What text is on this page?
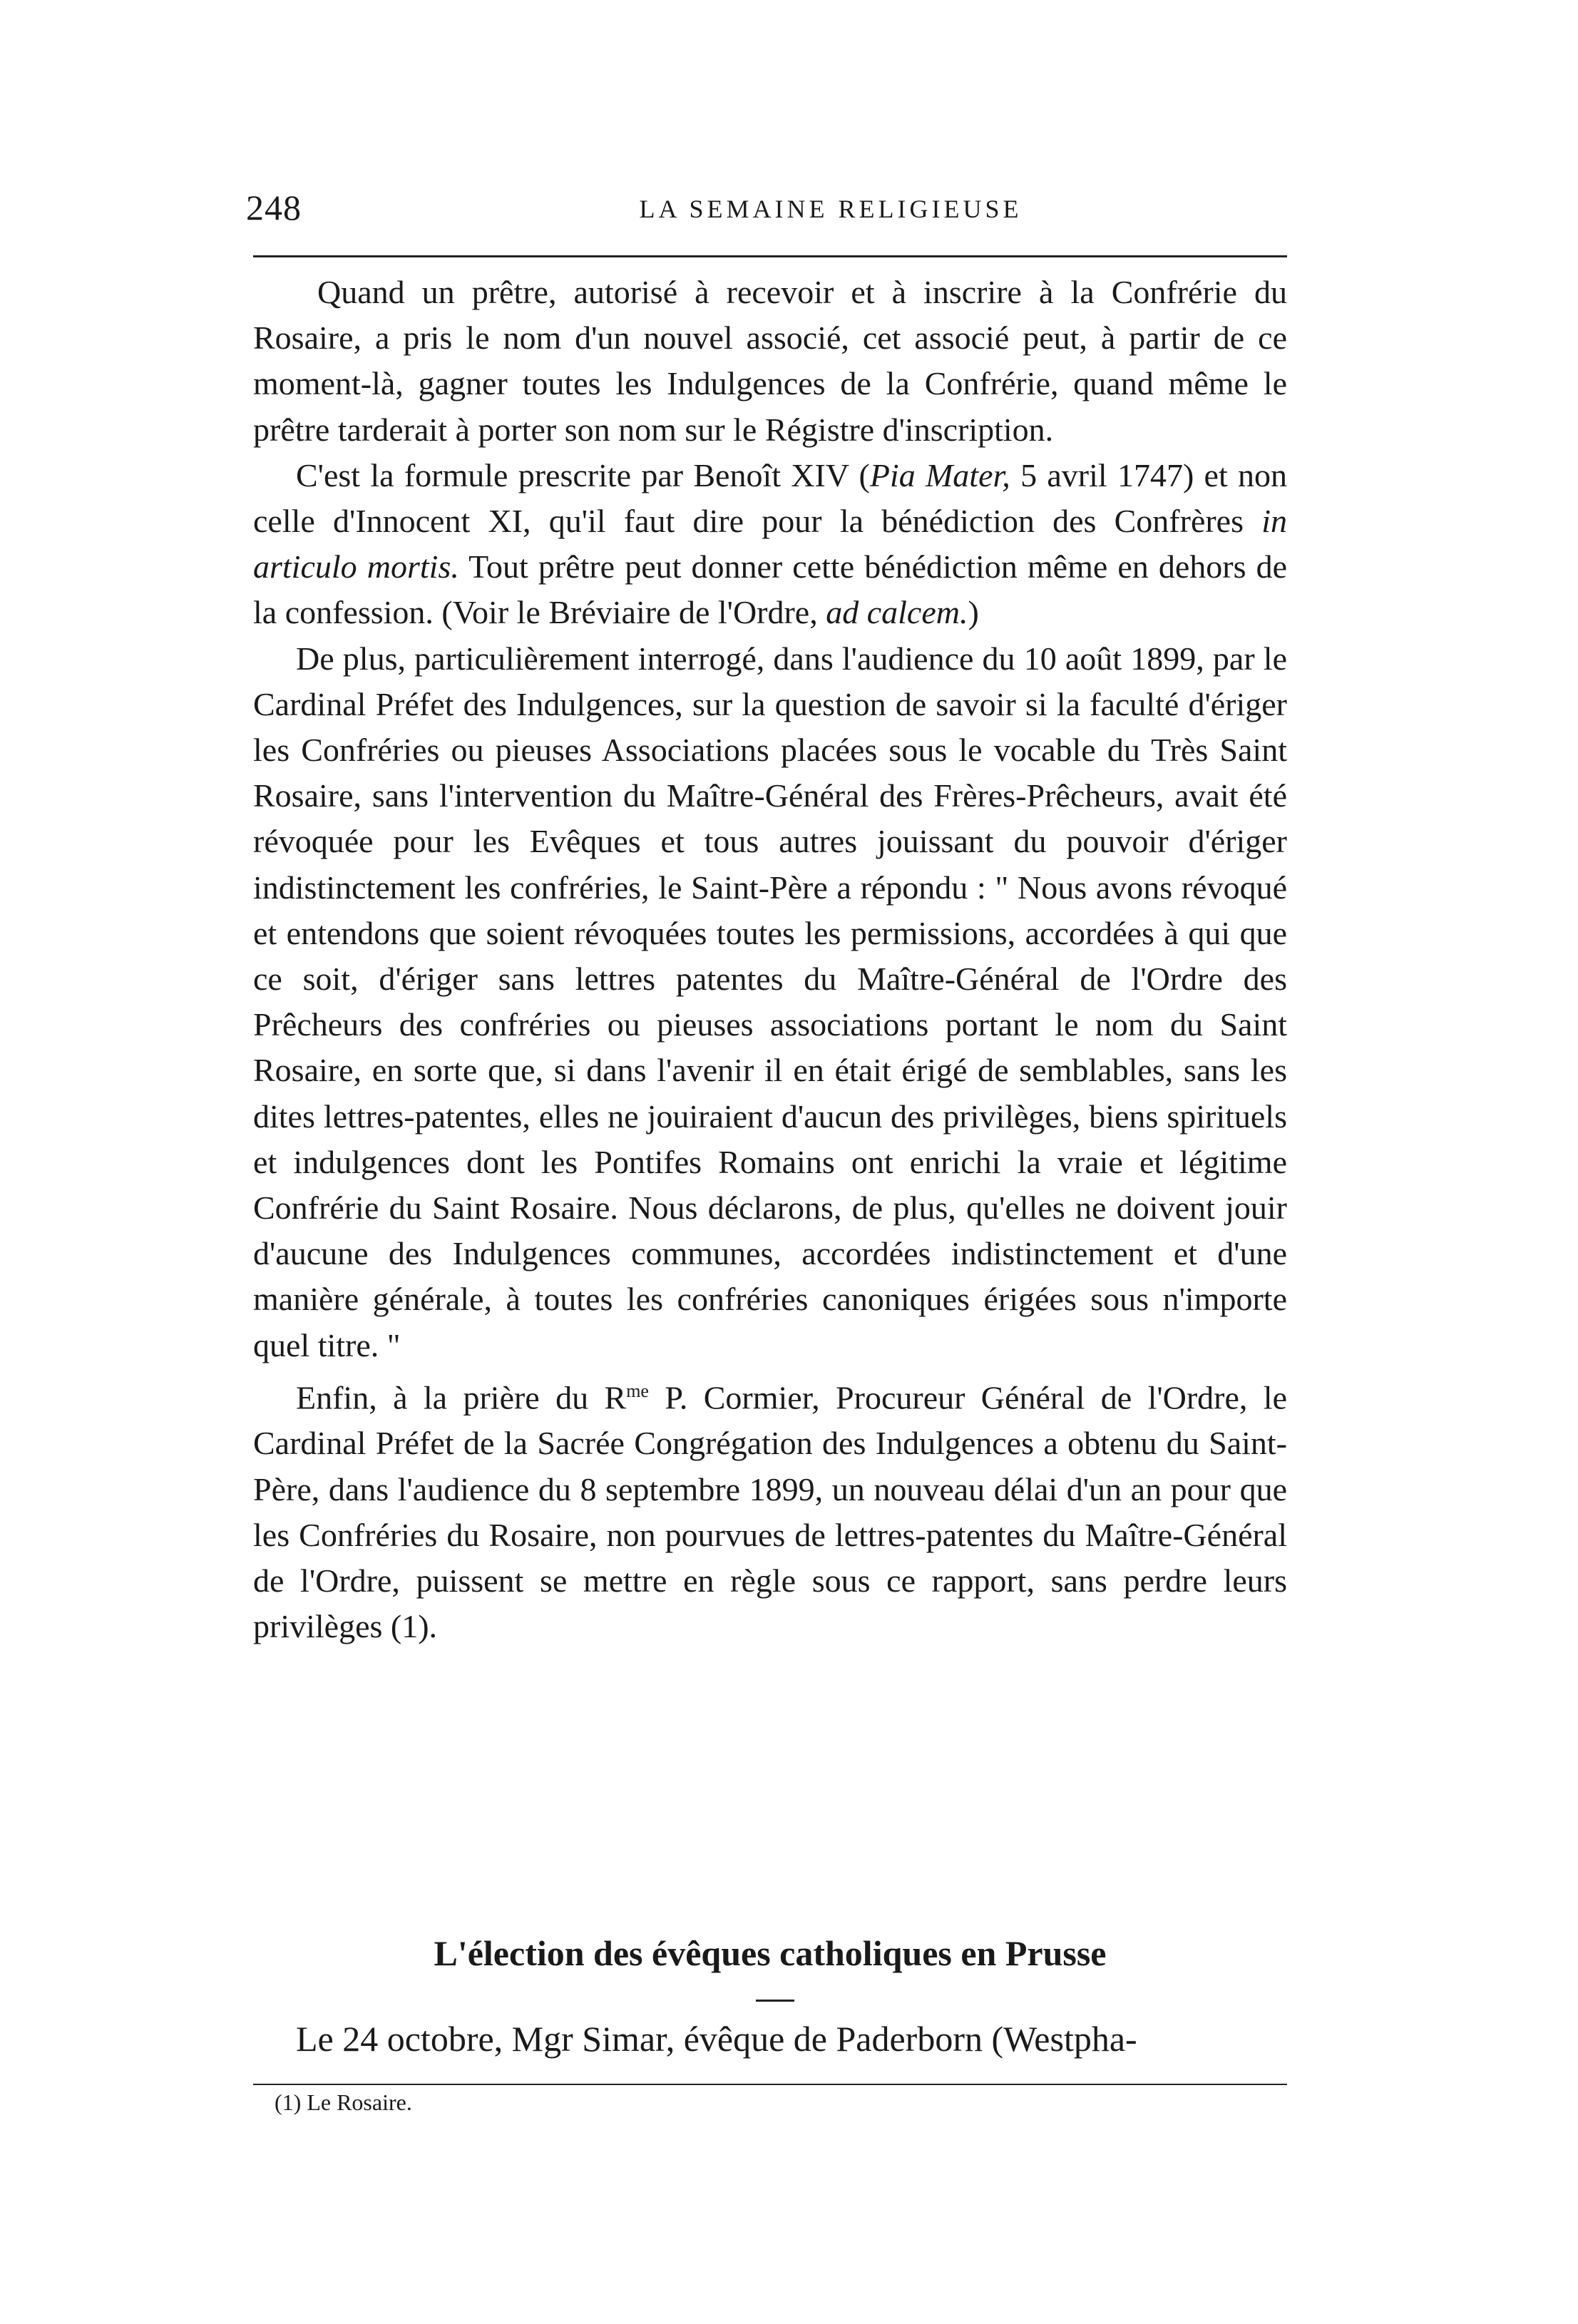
248	LA SEMAINE RELIGIEUSE

Quand un prêtre, autorisé à recevoir et à inscrire à la Confrérie du Rosaire, a pris le nom d'un nouvel associé, cet associé peut, à partir de ce moment-là, gagner toutes les Indulgences de la Confrérie, quand même le prêtre tarderait à porter son nom sur le Régistre d'inscription.

C'est la formule prescrite par Benoît XIV (Pia Mater, 5 avril 1747) et non celle d'Innocent XI, qu'il faut dire pour la bénédiction des Confrères in articulo mortis. Tout prêtre peut donner cette bénédiction même en dehors de la confession. (Voir le Bréviaire de l'Ordre, ad calcem.)

De plus, particulièrement interrogé, dans l'audience du 10 août 1899, par le Cardinal Préfet des Indulgences, sur la question de savoir si la faculté d'ériger les Confréries ou pieuses Associations placées sous le vocable du Très Saint Rosaire, sans l'intervention du Maître-Général des Frères-Prêcheurs, avait été révoquée pour les Evêques et tous autres jouissant du pouvoir d'ériger indistinctement les confréries, le Saint-Père a répondu : " Nous avons révoqué et entendons que soient révoquées toutes les permissions, accordées à qui que ce soit, d'ériger sans lettres patentes du Maître-Général de l'Ordre des Prêcheurs des confréries ou pieuses associations portant le nom du Saint Rosaire, en sorte que, si dans l'avenir il en était érigé de semblables, sans les dites lettres-patentes, elles ne jouiraient d'aucun des privilèges, biens spirituels et indulgences dont les Pontifes Romains ont enrichi la vraie et légitime Confrérie du Saint Rosaire. Nous déclarons, de plus, qu'elles ne doivent jouir d'aucune des Indulgences communes, accordées indistinctement et d'une manière générale, à toutes les confréries canoniques érigées sous n'importe quel titre. "

Enfin, à la prière du $R^{me}$ P. Cormier, Procureur Général de l'Ordre, le Cardinal Préfet de la Sacrée Congrégation des Indulgences a obtenu du Saint-Père, dans l'audience du 8 septembre 1899, un nouveau délai d'un an pour que les Confréries du Rosaire, non pourvues de lettres-patentes du Maître-Général de l'Ordre, puissent se mettre en règle sous ce rapport, sans perdre leurs privilèges (1).

L'élection des évêques catholiques en Prusse
Le 24 octobre, Mgr Simar, évêque de Paderborn (Westpha-
(1) Le Rosaire.
